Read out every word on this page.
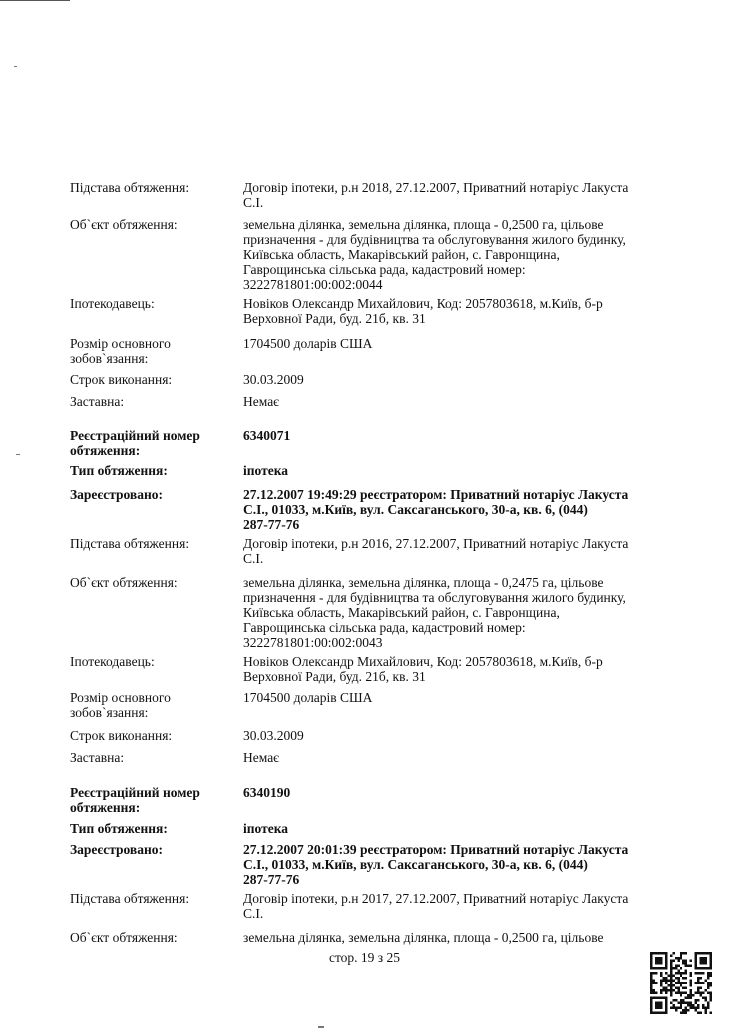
Підстава обтяження:	Договір іпотеки, р.н 2018, 27.12.2007, Приватний нотаріус Лакуста
С.І.
Об`єкт обтяження:	земельна ділянка, земельна ділянка, площа - 0,2500 га, цільове
призначення - для будівництва та обслуговування жилого будинку,
Київська область, Макарівський район, с. Гавронщина,
Гаврощинська сільська рада, кадастровий номер:
3222781801:00:002:0044
Іпотекодавець:	Новіков Олександр Михайлович, Код: 2057803618, м.Київ, б-р
Верховної Ради, буд. 21б, кв. 31
Розмір основного зобов`язання:
1704500 доларів США
Строк виконання:	30.03.2009
Заставна:	Немає
Реєстраційний номер обтяження:
6340071
Тип обтяження:	іпотека
Зареєстровано:	27.12.2007 19:49:29 реєстратором: Приватний нотаріус Лакуста
С.І., 01033, м.Київ, вул. Саксаганського, 30-а, кв. 6, (044)
287-77-76
Підстава обтяження:	Договір іпотеки, р.н 2016, 27.12.2007, Приватний нотаріус Лакуста
С.І.
Об`єкт обтяження:	земельна ділянка, земельна ділянка, площа - 0,2475 га, цільове
призначення - для будівництва та обслуговування жилого будинку,
Київська область, Макарівський район, с. Гавронщина,
Гаврощинська сільська рада, кадастровий номер:
3222781801:00:002:0043
Іпотекодавець:	Новіков Олександр Михайлович, Код: 2057803618, м.Київ, б-р
Верховної Ради, буд. 21б, кв. 31
Розмір основного зобов`язання:
1704500 доларів США
Строк виконання:	30.03.2009
Заставна:	Немає
Реєстраційний номер обтяження:
6340190
Тип обтяження:	іпотека
Зареєстровано:	27.12.2007 20:01:39 реєстратором: Приватний нотаріус Лакуста
С.І., 01033, м.Київ, вул. Саксаганського, 30-а, кв. 6, (044)
287-77-76
Підстава обтяження:	Договір іпотеки, р.н 2017, 27.12.2007, Приватний нотаріус Лакуста
С.І.
Об`єкт обтяження:	земельна ділянка, земельна ділянка, площа - 0,2500 га, цільове
стор. 19 з 25
